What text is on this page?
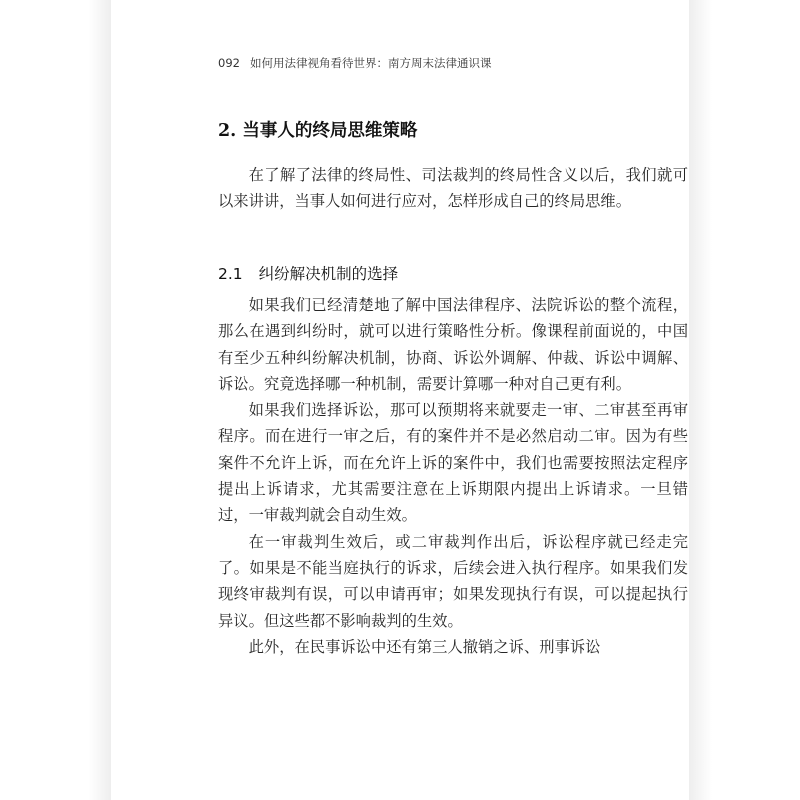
092 如何用法律视角看待世界：南方周末法律通识课
2. 当事人的终局思维策略

在了解了法律的终局性、司法裁判的终局性含义以后，我们就可以来讲讲，当事人如何进行应对，怎样形成自己的终局思维。

2.1 纠纷解决机制的选择

如果我们已经清楚地了解中国法律程序、法院诉讼的整个流程，那么在遇到纠纷时，就可以进行策略性分析。像课程前面说的，中国有至少五种纠纷解决机制，协商、诉讼外调解、仲裁、诉讼中调解、诉讼。究竟选择哪一种机制，需要计算哪一种对自己更有利。

如果我们选择诉讼，那可以预期将来就要走一审、二审甚至再审程序。而在进行一审之后，有的案件并不是必然启动二审。因为有些案件不允许上诉，而在允许上诉的案件中，我们也需要按照法定程序提出上诉请求，尤其需要注意在上诉期限内提出上诉请求。一旦错过，一审裁判就会自动生效。

在一审裁判生效后，或二审裁判作出后，诉讼程序就已经走完了。如果是不能当庭执行的诉求，后续会进入执行程序。如果我们发现终审裁判有误，可以申请再审；如果发现执行有误，可以提起执行异议。但这些都不影响裁判的生效。

此外，在民事诉讼中还有第三人撤销之诉、刑事诉讼
